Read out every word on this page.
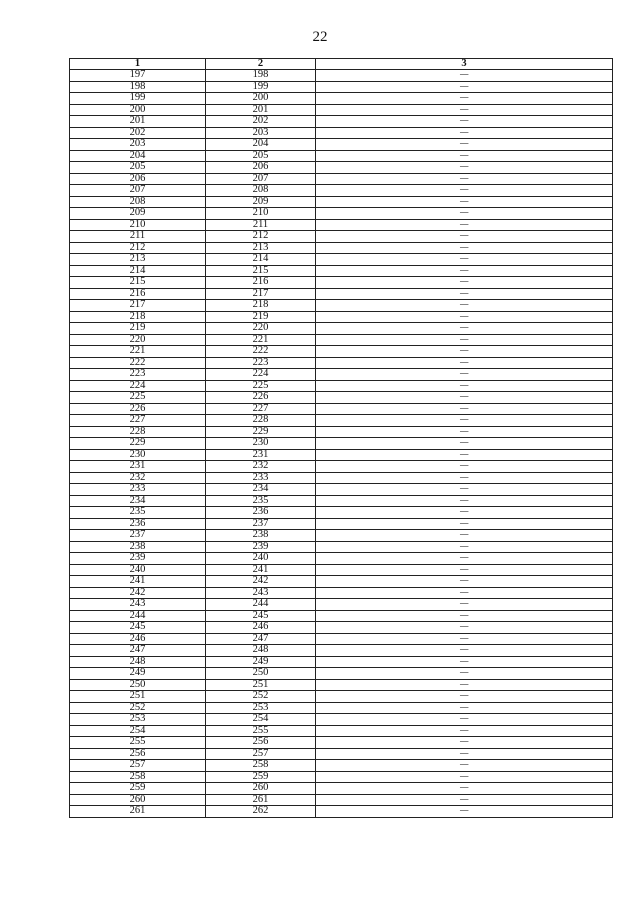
22
1	2	3
197	198	—
198	199	—
199	200	—
200	201	—
201	202	—
202	203	—
203	204	—
204	205	—
205	206	—
206	207	—
207	208	—
208	209	—
209	210	—
210	211	—
211	212	—
212	213	—
213	214	—
214	215	—
215	216	—
216	217	—
217	218	—
218	219	—
219	220	—
220	221	—
221	222	—
222	223	—
223	224	—
224	225	—
225	226	—
226	227	—
227	228	—
228	229	—
229	230	—
230	231	—
231	232	—
232	233	—
233	234	—
234	235	—
235	236	—
236	237	—
237	238	—
238	239	—
239	240	—
240	241	—
241	242	—
242	243	—
243	244	—
244	245	—
245	246	—
246	247	—
247	248	—
248	249	—
249	250	—
250	251	—
251	252	—
252	253	—
253	254	—
254	255	—
255	256	—
256	257	—
257	258	—
258	259	—
259	260	—
260	261	—
261	262	—
